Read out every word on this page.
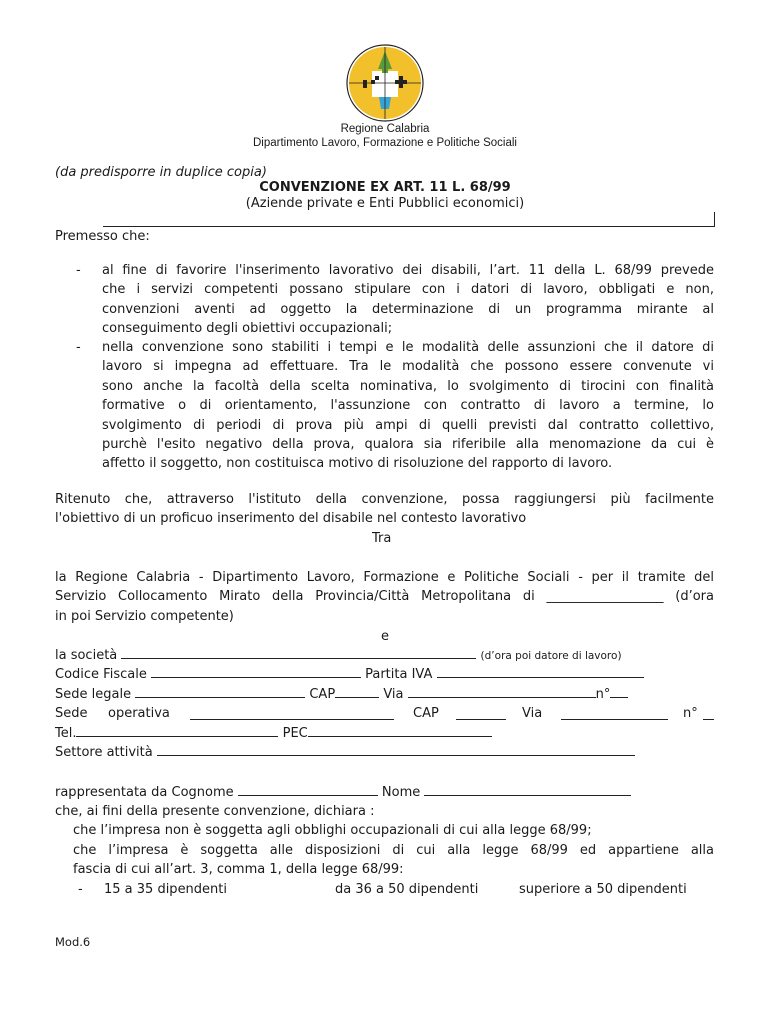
Regione Calabria
Dipartimento Lavoro, Formazione e Politiche Sociali
(da predisporre in duplice copia)
CONVENZIONE EX ART. 11 L. 68/99
(Aziende private e Enti Pubblici economici)
Premesso che:
- al fine di favorire l'inserimento lavorativo dei disabili, l’art. 11 della L. 68/99 prevede
che i servizi competenti possano stipulare con i datori di lavoro, obbligati e non,
convenzioni aventi ad oggetto la determinazione di un programma mirante al
conseguimento degli obiettivi occupazionali;
- nella convenzione sono stabiliti i tempi e le modalità delle assunzioni che il datore di
lavoro si impegna ad effettuare. Tra le modalità che possono essere convenute vi
sono anche la facoltà della scelta nominativa, lo svolgimento di tirocini con finalità
formative o di orientamento, l'assunzione con contratto di lavoro a termine, lo
svolgimento di periodi di prova più ampi di quelli previsti dal contratto collettivo,
purchè l'esito negativo della prova, qualora sia riferibile alla menomazione da cui è
affetto il soggetto, non costituisca motivo di risoluzione del rapporto di lavoro.
Ritenuto che, attraverso l'istituto della convenzione, possa raggiungersi più facilmente
l'obiettivo di un proficuo inserimento del disabile nel contesto lavorativo
Tra
la Regione Calabria - Dipartimento Lavoro, Formazione e Politiche Sociali - per il tramite del
Servizio Collocamento Mirato della Provincia/Città Metropolitana di __________________ (d’ora
in poi Servizio competente)
e
la società	(d’ora poi datore di lavoro)
Codice Fiscale	Partita IVA
Sede legale	CAP	Via	n°
Sede operativa	CAP	Via	n°
Tel.	PEC
Settore attività
rappresentata da Cognome	Nome
che, ai fini della presente convenzione, dichiara :
che l’impresa non è soggetta agli obblighi occupazionali di cui alla legge 68/99;
che l’impresa è soggetta alle disposizioni di cui alla legge 68/99 ed appartiene alla
fascia di cui all’art. 3, comma 1, della legge 68/99:
- 15 a 35 dipendenti	da 36 a 50 dipendenti	superiore a 50 dipendenti
Mod.6
